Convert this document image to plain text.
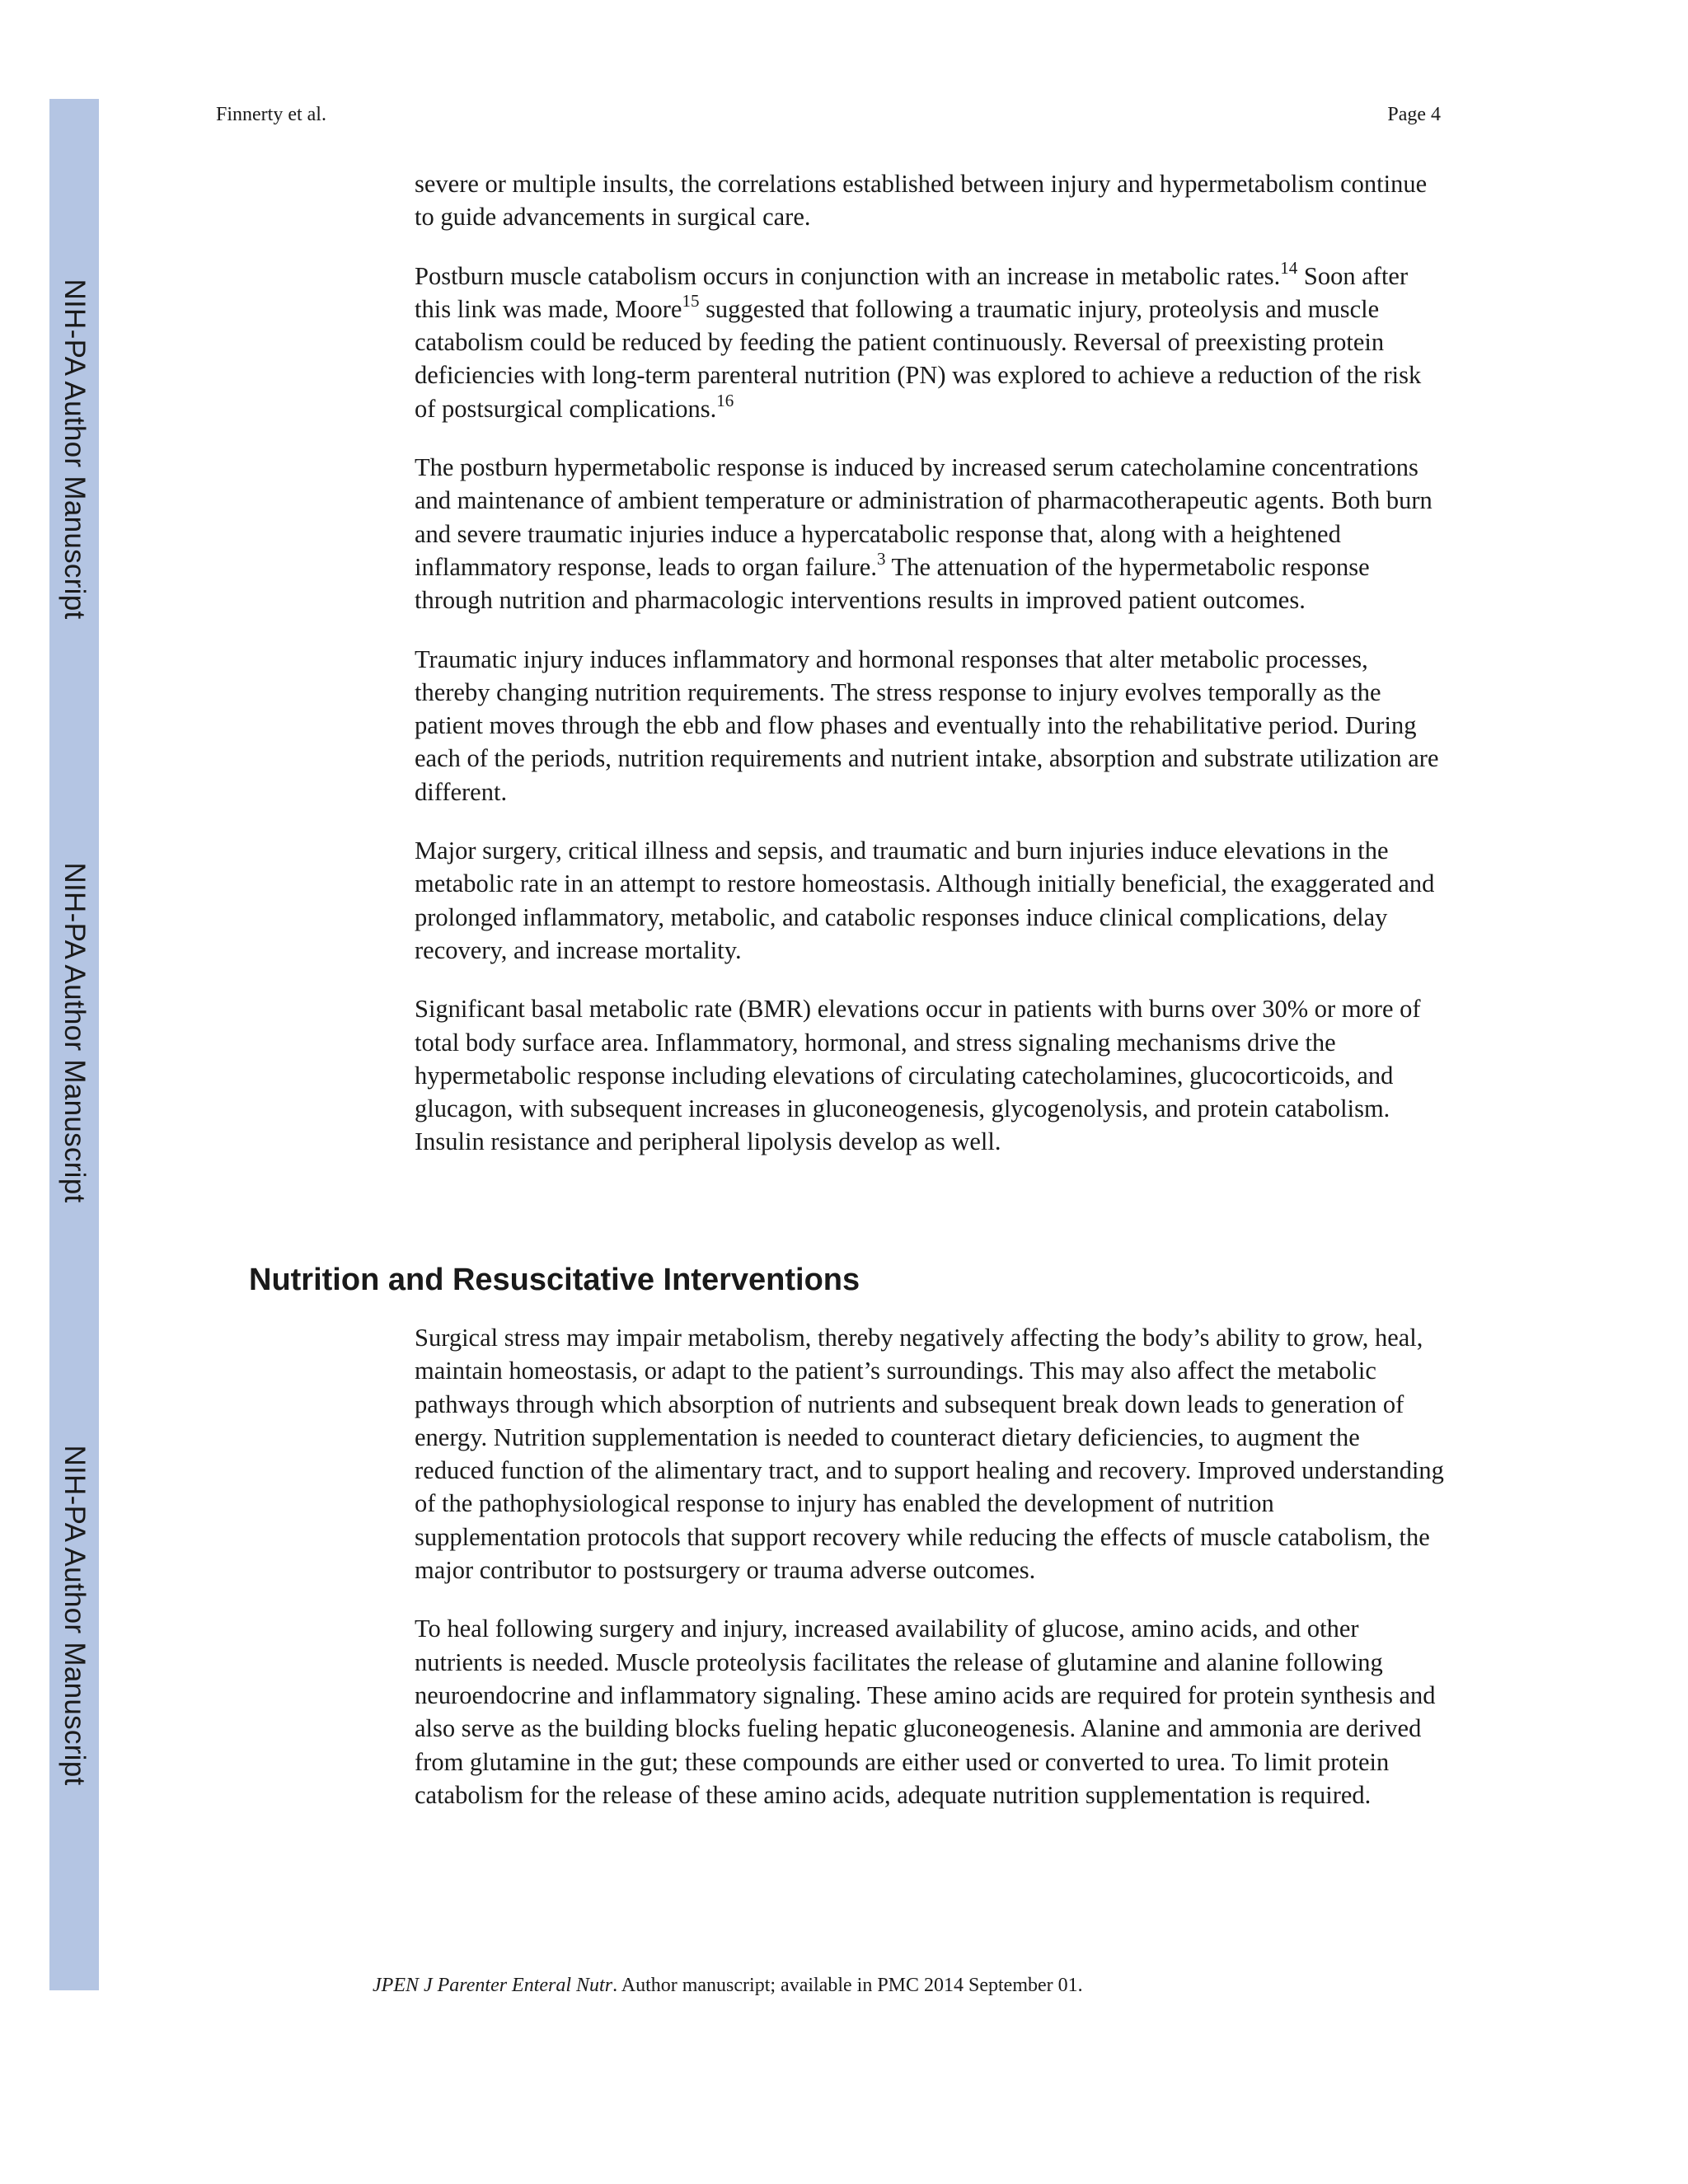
NIH-PA Author Manuscript
NIH-PA Author Manuscript
NIH-PA Author Manuscript
Finnerty et al.	Page 4

severe or multiple insults, the correlations established between injury and hypermetabolism continue to guide advancements in surgical care.

Postburn muscle catabolism occurs in conjunction with an increase in metabolic rates.$^{14}$ Soon after this link was made, Moore$^{15}$ suggested that following a traumatic injury, proteolysis and muscle catabolism could be reduced by feeding the patient continuously. Reversal of preexisting protein deficiencies with long-term parenteral nutrition (PN) was explored to achieve a reduction of the risk of postsurgical complications.$^{16}$

The postburn hypermetabolic response is induced by increased serum catecholamine concentrations and maintenance of ambient temperature or administration of pharmacotherapeutic agents. Both burn and severe traumatic injuries induce a hypercatabolic response that, along with a heightened inflammatory response, leads to organ failure.$^3$ The attenuation of the hypermetabolic response through nutrition and pharmacologic interventions results in improved patient outcomes.

Traumatic injury induces inflammatory and hormonal responses that alter metabolic processes, thereby changing nutrition requirements. The stress response to injury evolves temporally as the patient moves through the ebb and flow phases and eventually into the rehabilitative period. During each of the periods, nutrition requirements and nutrient intake, absorption and substrate utilization are different.

Major surgery, critical illness and sepsis, and traumatic and burn injuries induce elevations in the metabolic rate in an attempt to restore homeostasis. Although initially beneficial, the exaggerated and prolonged inflammatory, metabolic, and catabolic responses induce clinical complications, delay recovery, and increase mortality.

Significant basal metabolic rate (BMR) elevations occur in patients with burns over 30% or more of total body surface area. Inflammatory, hormonal, and stress signaling mechanisms drive the hypermetabolic response including elevations of circulating catecholamines, glucocorticoids, and glucagon, with subsequent increases in gluconeogenesis, glycogenolysis, and protein catabolism. Insulin resistance and peripheral lipolysis develop as well.

Nutrition and Resuscitative Interventions

Surgical stress may impair metabolism, thereby negatively affecting the body’s ability to grow, heal, maintain homeostasis, or adapt to the patient’s surroundings. This may also affect the metabolic pathways through which absorption of nutrients and subsequent break down leads to generation of energy. Nutrition supplementation is needed to counteract dietary deficiencies, to augment the reduced function of the alimentary tract, and to support healing and recovery. Improved understanding of the pathophysiological response to injury has enabled the development of nutrition supplementation protocols that support recovery while reducing the effects of muscle catabolism, the major contributor to postsurgery or trauma adverse outcomes.

To heal following surgery and injury, increased availability of glucose, amino acids, and other nutrients is needed. Muscle proteolysis facilitates the release of glutamine and alanine following neuroendocrine and inflammatory signaling. These amino acids are required for protein synthesis and also serve as the building blocks fueling hepatic gluconeogenesis. Alanine and ammonia are derived from glutamine in the gut; these compounds are either used or converted to urea. To limit protein catabolism for the release of these amino acids, adequate nutrition supplementation is required.

JPEN J Parenter Enteral Nutr. Author manuscript; available in PMC 2014 September 01.
